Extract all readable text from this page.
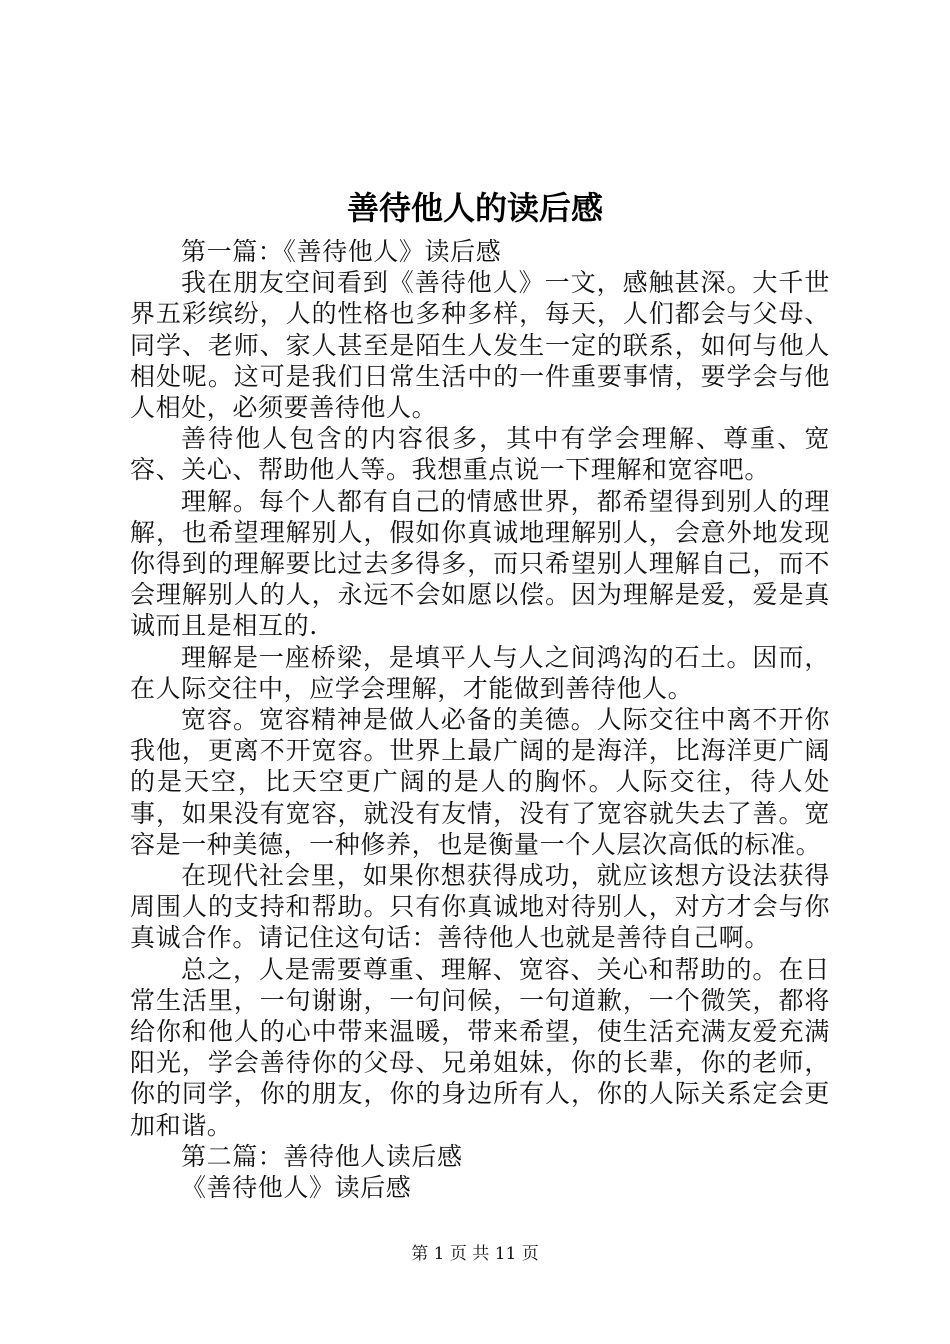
善待他人的读后感

第一篇：《善待他人》读后感

我在朋友空间看到《善待他人》一文，感触甚深。大千世界五彩缤纷，人的性格也多种多样，每天，人们都会与父母、同学、老师、家人甚至是陌生人发生一定的联系，如何与他人相处呢。这可是我们日常生活中的一件重要事情，要学会与他人相处，必须要善待他人。

善待他人包含的内容很多，其中有学会理解、尊重、宽容、关心、帮助他人等。我想重点说一下理解和宽容吧。

理解。每个人都有自己的情感世界，都希望得到别人的理解，也希望理解别人，假如你真诚地理解别人，会意外地发现你得到的理解要比过去多得多，而只希望别人理解自己，而不会理解别人的人，永远不会如愿以偿。因为理解是爱，爱是真诚而且是相互的.

理解是一座桥梁，是填平人与人之间鸿沟的石土。因而，在人际交往中，应学会理解，才能做到善待他人。

宽容。宽容精神是做人必备的美德。人际交往中离不开你我他，更离不开宽容。世界上最广阔的是海洋，比海洋更广阔的是天空，比天空更广阔的是人的胸怀。人际交往，待人处事，如果没有宽容，就没有友情，没有了宽容就失去了善。宽容是一种美德，一种修养，也是衡量一个人层次高低的标准。

在现代社会里，如果你想获得成功，就应该想方设法获得周围人的支持和帮助。只有你真诚地对待别人，对方才会与你真诚合作。请记住这句话：善待他人也就是善待自己啊。

总之，人是需要尊重、理解、宽容、关心和帮助的。在日常生活里，一句谢谢，一句问候，一句道歉，一个微笑，都将给你和他人的心中带来温暖，带来希望，使生活充满友爱充满阳光，学会善待你的父母、兄弟姐妹，你的长辈，你的老师，你的同学，你的朋友，你的身边所有人，你的人际关系定会更加和谐。

第二篇：善待他人读后感

《善待他人》读后感

第 1 页 共 11 页
